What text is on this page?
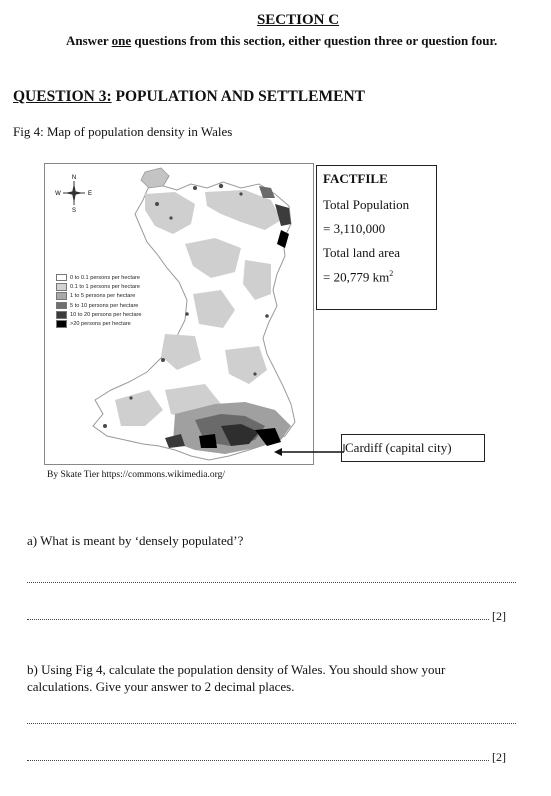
SECTION C
Answer one questions from this section, either question three or question four.
QUESTION 3: POPULATION AND SETTLEMENT
Fig 4: Map of population density in Wales
N
S
E
W
0 to 0.1 persons per hectare
0.1 to 1 persons per hectare
1 to 5 persons per hectare
5 to 10 persons per hectare
10 to 20 persons per hectare
>20 persons per hectare
FACTFILE
Total Population
= 3,110,000
Total land area
= 20,779 $km^2$
Cardiff (capital city)
By Skate Tier https://commons.wikimedia.org/
a) What is meant by ‘densely populated’?
[2]
b) Using Fig 4, calculate the population density of Wales. You should show your calculations. Give your answer to 2 decimal places.
[2]
